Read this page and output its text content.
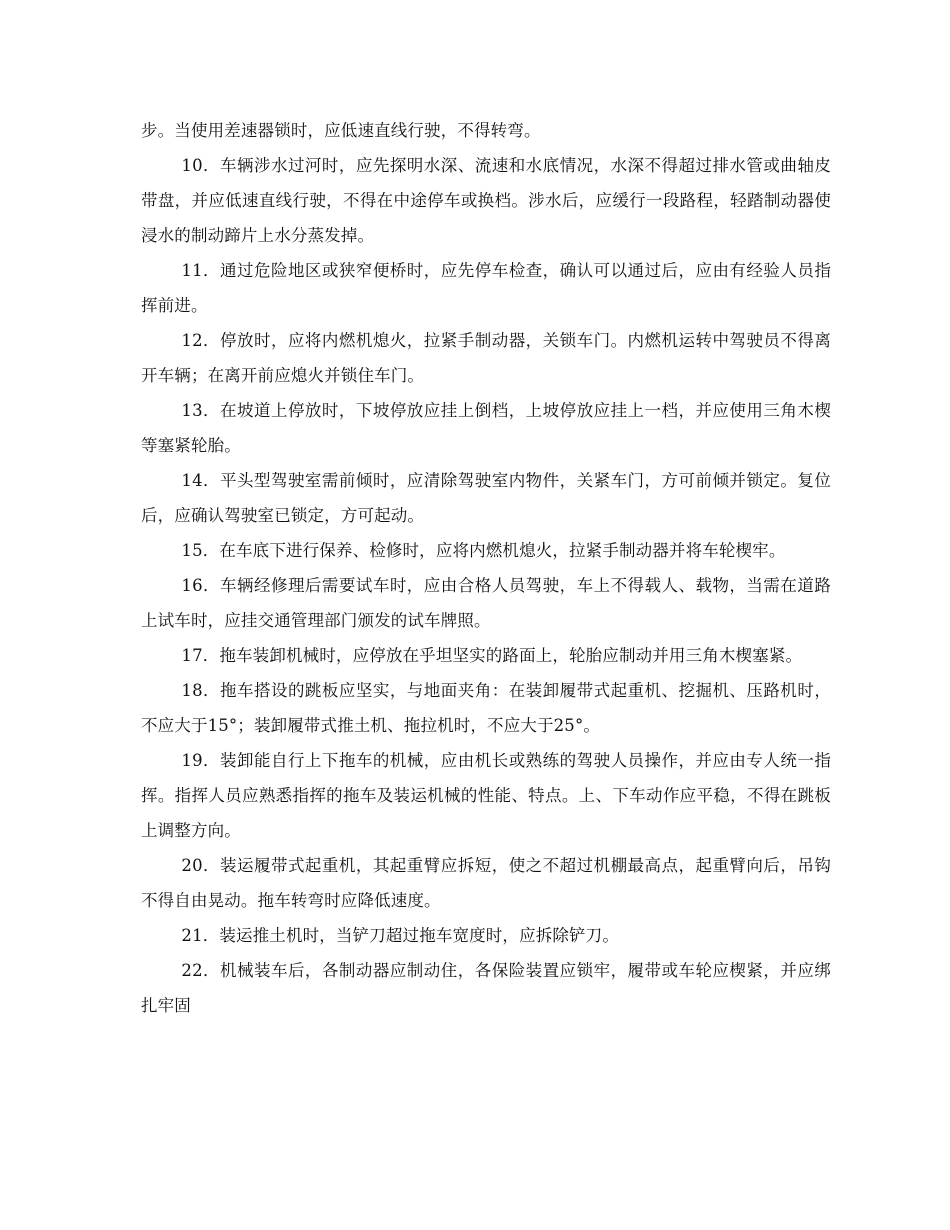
步。当使用差速器锁时，应低速直线行驶，不得转弯。

10．车辆涉水过河时，应先探明水深、流速和水底情况，水深不得超过排水管或曲轴皮带盘，并应低速直线行驶，不得在中途停车或换档。涉水后，应缓行一段路程，轻踏制动器使浸水的制动蹄片上水分蒸发掉。

11．通过危险地区或狭窄便桥时，应先停车检查，确认可以通过后，应由有经验人员指挥前进。

12．停放时，应将内燃机熄火，拉紧手制动器，关锁车门。内燃机运转中驾驶员不得离开车辆；在离开前应熄火并锁住车门。

13．在坡道上停放时，下坡停放应挂上倒档，上坡停放应挂上一档，并应使用三角木楔等塞紧轮胎。

14．平头型驾驶室需前倾时，应清除驾驶室内物件，关紧车门，方可前倾并锁定。复位后，应确认驾驶室已锁定，方可起动。

15．在车底下进行保养、检修时，应将内燃机熄火，拉紧手制动器并将车轮楔牢。

16．车辆经修理后需要试车时，应由合格人员驾驶，车上不得载人、载物，当需在道路上试车时，应挂交通管理部门颁发的试车牌照。

17．拖车装卸机械时，应停放在乎坦坚实的路面上，轮胎应制动并用三角木楔塞紧。

18．拖车搭设的跳板应坚实，与地面夹角：在装卸履带式起重机、挖掘机、压路机时，不应大于15°；装卸履带式推土机、拖拉机时，不应大于25°。

19．装卸能自行上下拖车的机械，应由机长或熟练的驾驶人员操作，并应由专人统一指挥。指挥人员应熟悉指挥的拖车及装运机械的性能、特点。上、下车动作应平稳，不得在跳板上调整方向。

20．装运履带式起重机，其起重臂应拆短，使之不超过机棚最高点，起重臂向后，吊钩不得自由晃动。拖车转弯时应降低速度。

21．装运推土机时，当铲刀超过拖车宽度时，应拆除铲刀。

22．机械装车后，各制动器应制动住，各保险装置应锁牢，履带或车轮应楔紧，并应绑扎牢固
